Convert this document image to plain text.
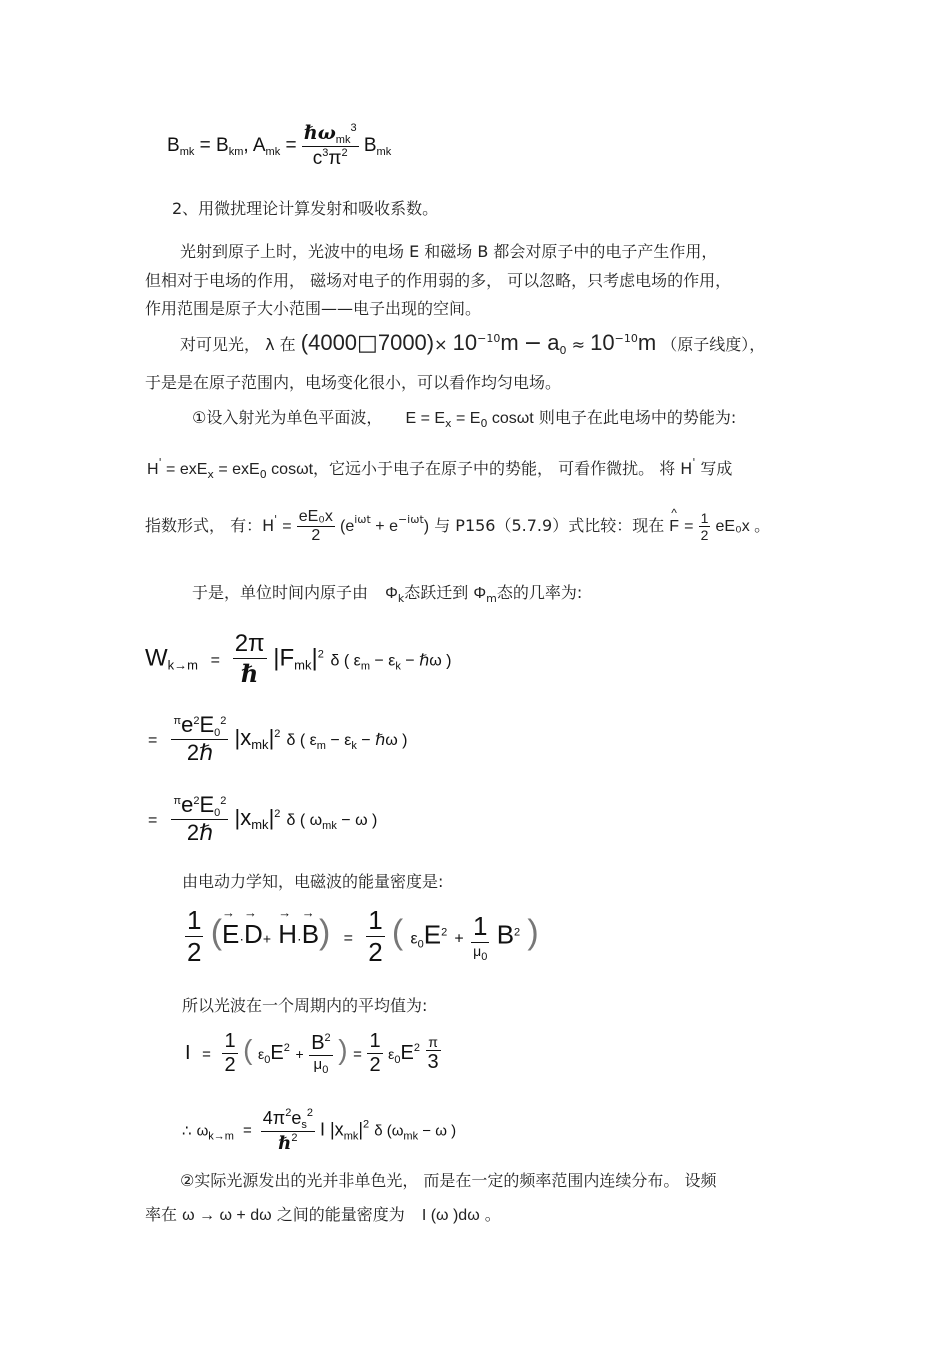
$B_{mk} = B_{km}$, $A_{mk} = \frac{\hbar\omega_{mk}^3}{c^3\pi^2} B_{mk}$
2、用微扰理论计算发射和吸收系数。
光射到原子上时，光波中的电场 E 和磁场 B 都会对原子中的电子产生作用，
但相对于电场的作用， 磁场对电子的作用弱的多， 可以忽略，只考虑电场的作用，
作用范围是原子大小范围——电子出现的空间。
对可见光， λ 在 (4000□7000)× $10^{-10}m - a_0 \approx 10^{-10}m$ （原子线度），
于是是在原子范围内，电场变化很小，可以看作均匀电场。
①设入射光为单色平面波， $E = E_x = E_0$ cosωt 则电子在此电场中的势能为:
H' = exE$_x$ = exE$_0$ cosωt，它远小于电子在原子中的势能， 可看作微扰。 将 H' 写成
指数形式， 有：$H' = \frac{\text{eE₀x}}{2} (e^{i\omega t} + e^{-i\omega t})$ 与 P156（5.7.9）式比较：现在
^
$F = \frac{1}{2} eE_0x$ 。
于是，单位时间内原子由 $\Phi_k$态跃迁到 $\Phi_m$态的几率为:
$W_{k\to m} = \frac{2\pi}{\text{ℏ}} |F_{mk}|^2$ δ ( $\varepsilon_m - \varepsilon_k$ − ℏω )
= $\frac{^\pi e^2E_0^2}{\text{2ℏ}} |x_{mk}|^2$ δ ( $\varepsilon_m - \varepsilon_k$ − ℏω )
= $\frac{^\pi e^2E_0^2}{\text{2ℏ}} |x_{mk}|^2$ δ ( $\omega_{mk} - \omega$ )
由电动力学知，电磁波的能量密度是:
$\frac{1}{2}$ (→ $E\cdot\to D+ \to H\cdot\to B) = \frac{1}{2}$ ( $\varepsilon_0E^2 + \frac{1}{\mu_0} B^2$ )
所以光波在一个周期内的平均值为:
$I = \frac{1}{2}$ ( $\varepsilon_0E^2 + \frac{B^2}{\mu_0}$ ) = $\frac{1}{2} \varepsilon_0E^2 \frac{\pi}{3}$
∴ $\omega_{k\to m} = \frac{4\pi^2e_s^2}{\hbar^2}$ I $|x_{mk}|^2$ δ ($\omega_{mk} - \omega$ )
②实际光源发出的光并非单色光， 而是在一定的频率范围内连续分布。 设频
率在 ω → ω + dω 之间的能量密度为 I (ω )dω 。
